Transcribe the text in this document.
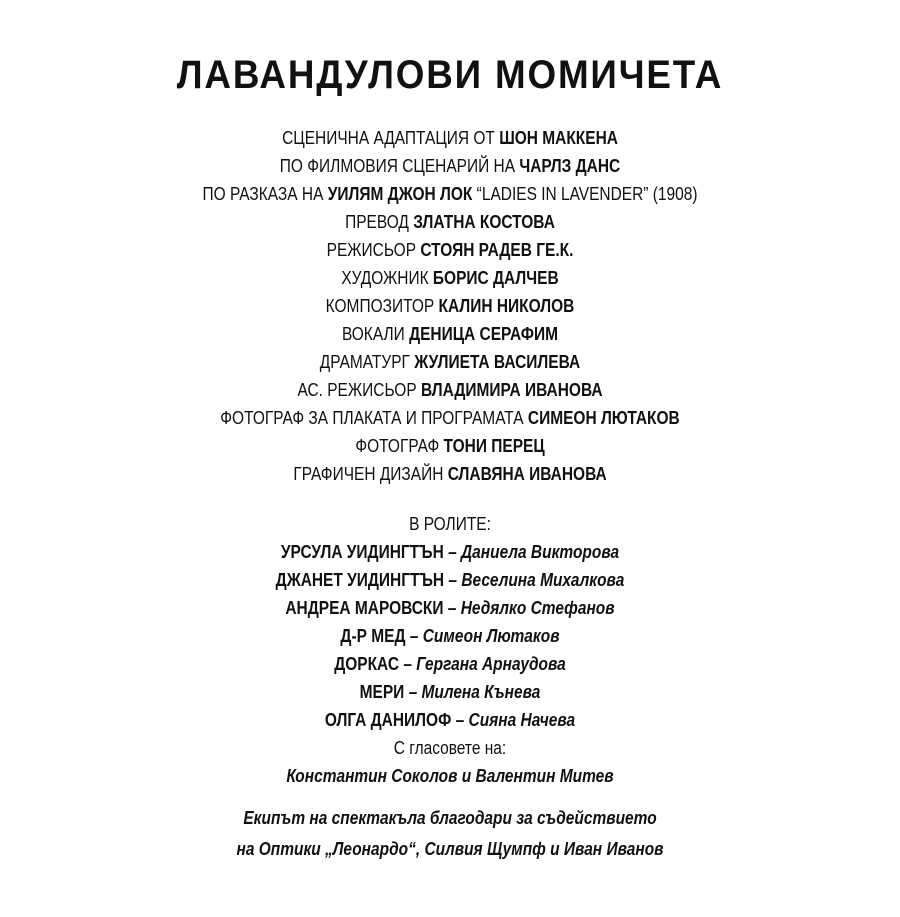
ЛАВАНДУЛОВИ МОМИЧЕТА
СЦЕНИЧНА АДАПТАЦИЯ ОТ ШОН МАККЕНА
ПО ФИЛМОВИЯ СЦЕНАРИЙ НА ЧАРЛЗ ДАНС
ПО РАЗКАЗА НА УИЛЯМ ДЖОН ЛОК “LADIES IN LAVENDER” (1908)
ПРЕВОД ЗЛАТНА КОСТОВА
РЕЖИСЬОР СТОЯН РАДЕВ ГЕ.К.
ХУДОЖНИК БОРИС ДАЛЧЕВ
КОМПОЗИТОР КАЛИН НИКОЛОВ
ВОКАЛИ ДЕНИЦА СЕРАФИМ
ДРАМАТУРГ ЖУЛИЕТА ВАСИЛЕВА
АС. РЕЖИСЬОР ВЛАДИМИРА ИВАНОВА
ФОТОГРАФ ЗА ПЛАКАТА И ПРОГРАМАТА СИМЕОН ЛЮТАКОВ
ФОТОГРАФ ТОНИ ПЕРЕЦ
ГРАФИЧЕН ДИЗАЙН СЛАВЯНА ИВАНОВА
В РОЛИТЕ:
УРСУЛА УИДИНГТЪН – Даниела Викторова
ДЖАНЕТ УИДИНГТЪН – Веселина Михалкова
АНДРЕА МАРОВСКИ – Недялко Стефанов
Д-Р МЕД – Симеон Лютаков
ДОРКАС – Гергана Арнаудова
МЕРИ – Милена Кънева
ОЛГА ДАНИЛОФ – Сияна Начева
С гласовете на:
Константин Соколов и Валентин Митев
Екипът на спектакъла благодари за съдействието
на Оптики „Леонардо“, Силвия Щумпф и Иван Иванов
